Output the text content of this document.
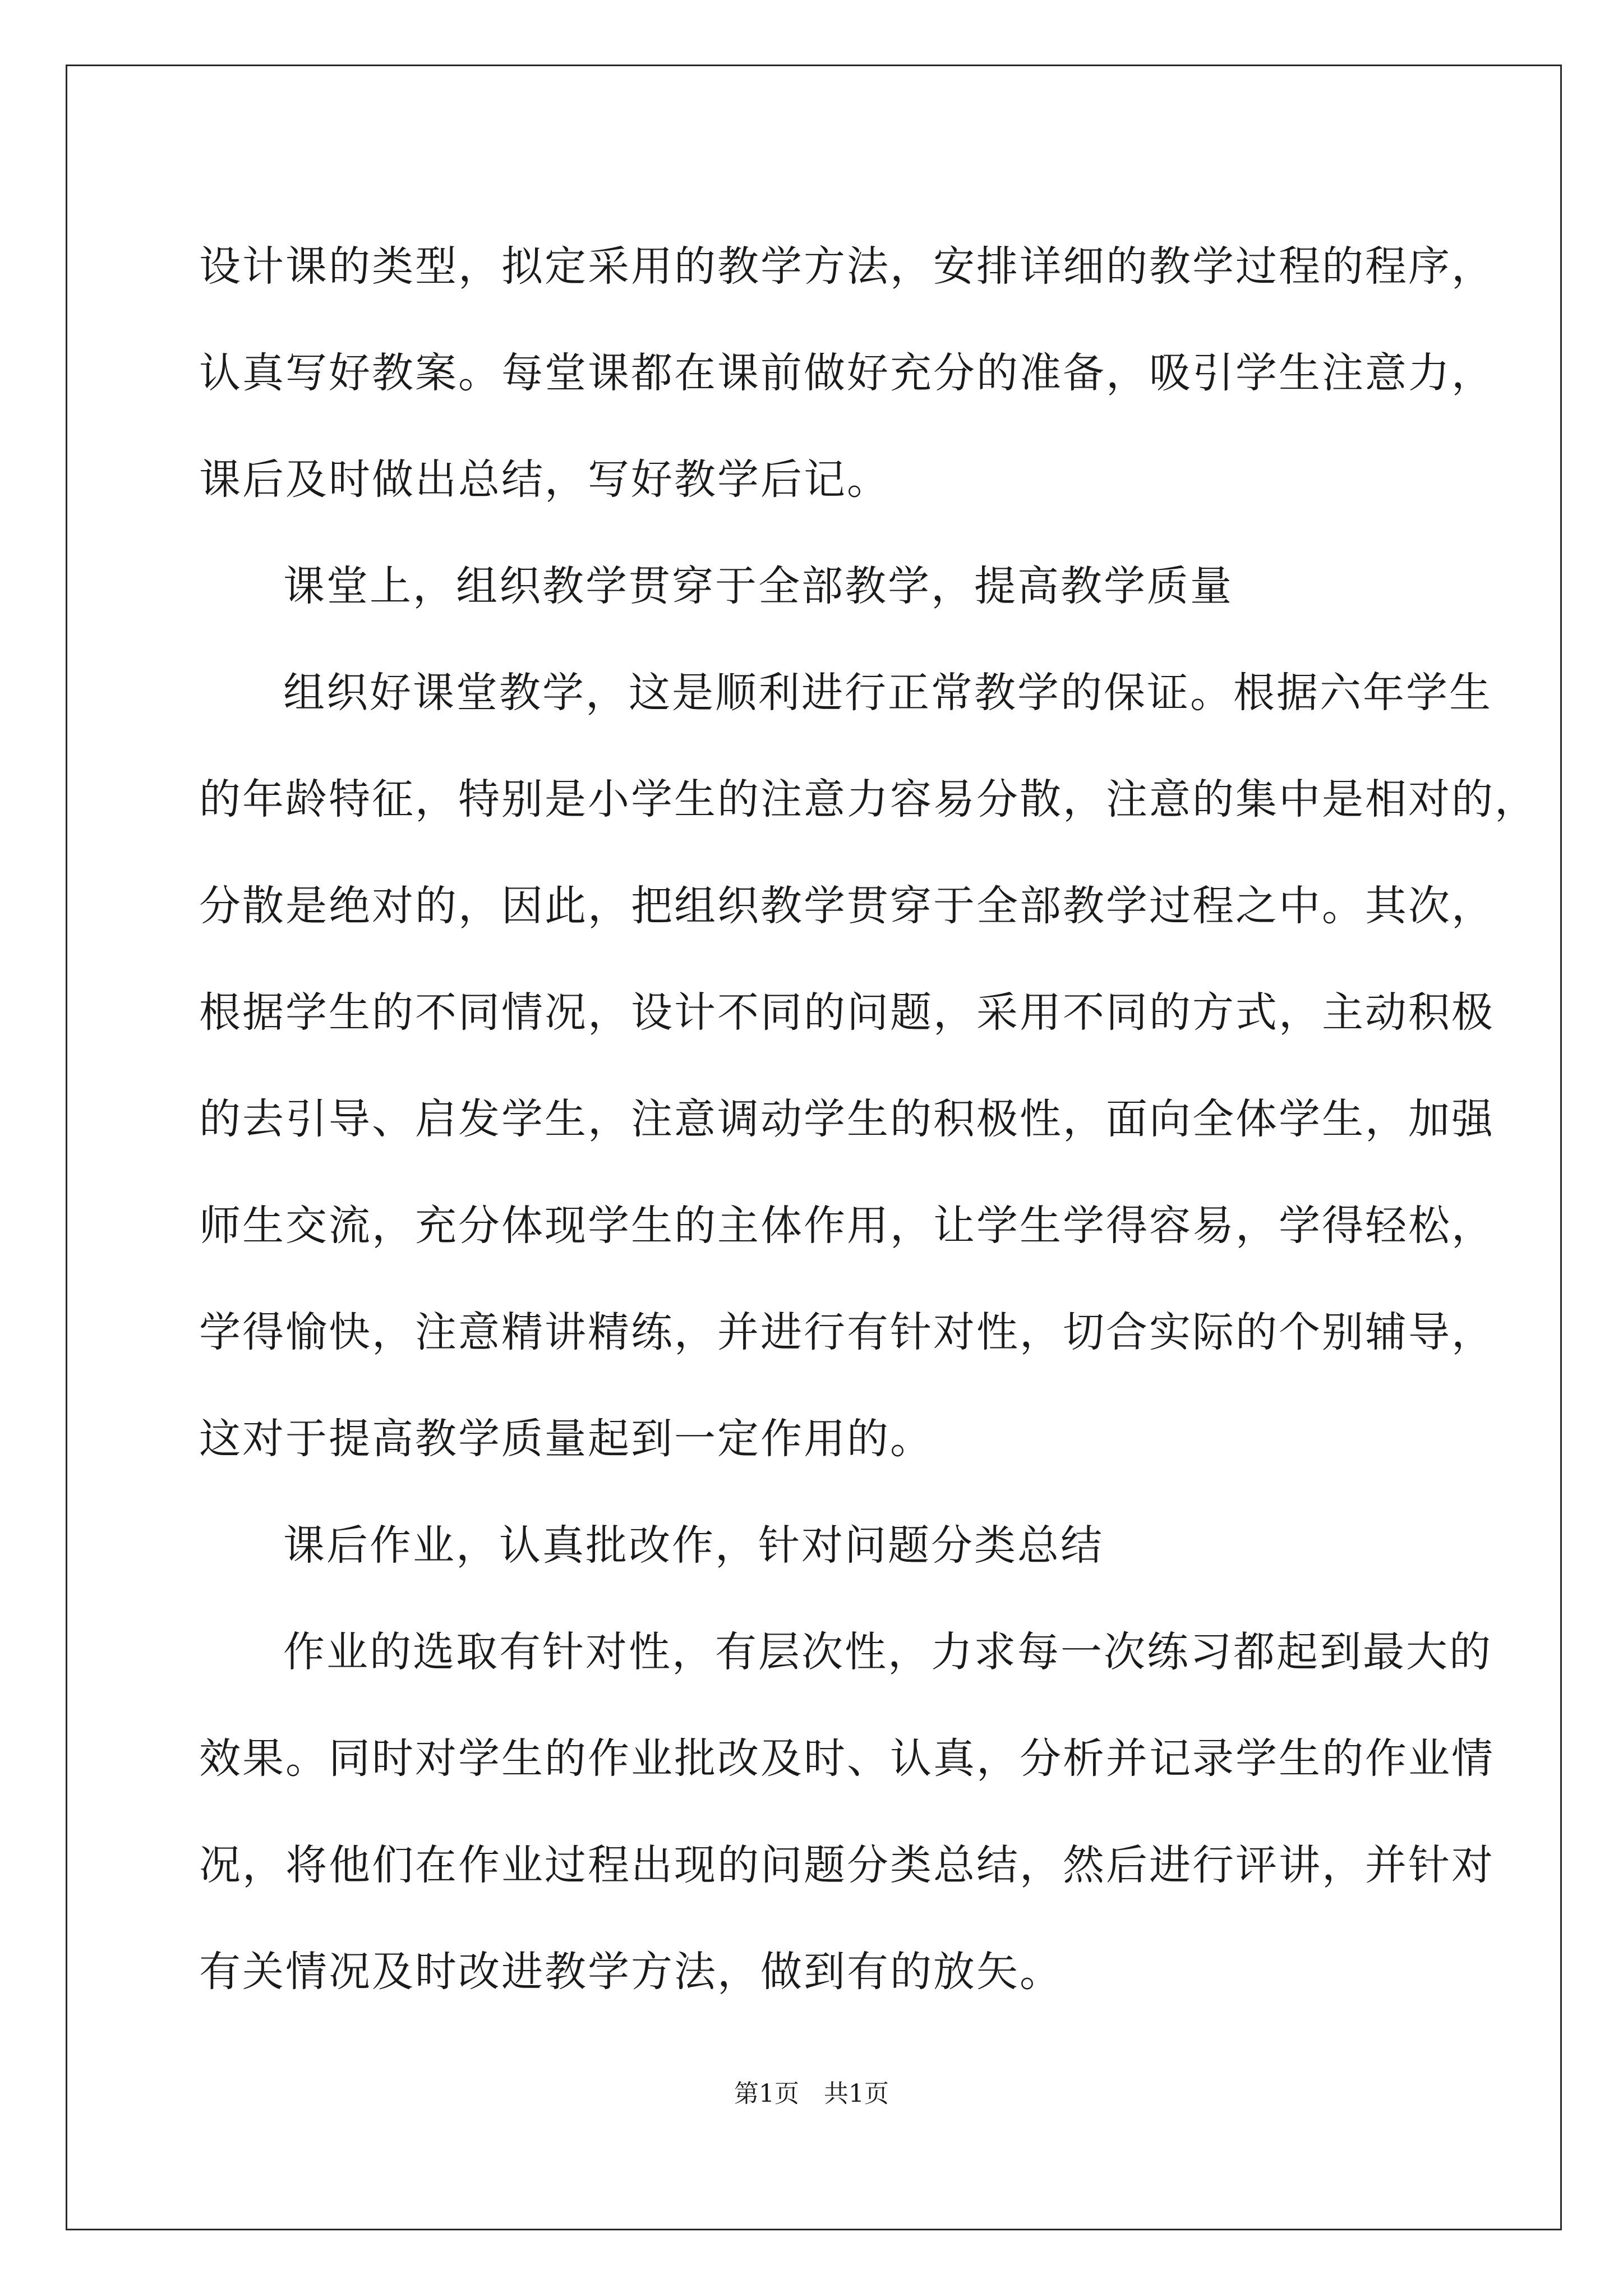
设计课的类型，拟定采用的教学方法，安排详细的教学过程的程序，
认真写好教案。每堂课都在课前做好充分的准备，吸引学生注意力，
课后及时做出总结，写好教学后记。

课堂上，组织教学贯穿于全部教学，提高教学质量

组织好课堂教学，这是顺利进行正常教学的保证。根据六年学生
的年龄特征，特别是小学生的注意力容易分散，注意的集中是相对的，
分散是绝对的，因此，把组织教学贯穿于全部教学过程之中。其次，
根据学生的不同情况，设计不同的问题，采用不同的方式，主动积极
的去引导、启发学生，注意调动学生的积极性，面向全体学生，加强
师生交流，充分体现学生的主体作用，让学生学得容易，学得轻松，
学得愉快，注意精讲精练，并进行有针对性，切合实际的个别辅导，
这对于提高教学质量起到一定作用的。

课后作业，认真批改作，针对问题分类总结

作业的选取有针对性，有层次性，力求每一次练习都起到最大的
效果。同时对学生的作业批改及时、认真，分析并记录学生的作业情
况，将他们在作业过程出现的问题分类总结，然后进行评讲，并针对
有关情况及时改进教学方法，做到有的放矢。

第1页　共1页
